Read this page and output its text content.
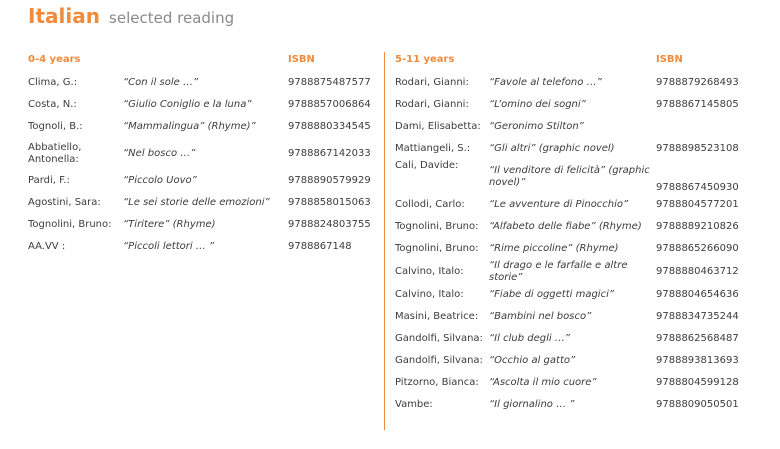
Italian selected reading
0-4 years	ISBN
Clima, G.:	“Con il sole …”	9788875487577
Costa, N.:	“Giulio Coniglio e la luna”	9788857006864
Tognoli, B.:	“Mammalingua” (Rhyme)”	9788880334545
Abbatiello, Antonella:	“Nel bosco …”	9788867142033
Pardi, F.:	“Piccolo Uovo”	9788890579929
Agostini, Sara:	“Le sei storie delle emozioni”	9788858015063
Tognolini, Bruno:	“Tiritere” (Rhyme)	9788824803755
AA.VV :	“Piccoli lettori … ”	9788867148
5-11 years	ISBN
Rodari, Gianni:	“Favole al telefono …”	9788879268493
Rodari, Gianni:	“L’omino dei sogni”	9788867145805
Dami, Elisabetta:	“Geronimo Stilton”	
Mattiangeli, S.:	“Gli altri” (graphic novel)	9788898523108
Cali, Davide:	“Il venditore di felicità” (graphic novel)”	9788867450930
Collodi, Carlo:	“Le avventure di Pinocchio”	9788804577201
Tognolini, Bruno:	“Alfabeto delle fiabe” (Rhyme)	9788889210826
Tognolini, Bruno:	“Rime piccoline” (Rhyme)	9788865266090
Calvino, Italo:	“Il drago e le farfalle e altre storie”	9788880463712
Calvino, Italo:	“Fiabe di oggetti magici”	9788804654636
Masini, Beatrice:	“Bambini nel bosco”	9788834735244
Gandolfi, Silvana:	“Il club degli …”	9788862568487
Gandolfi, Silvana:	“Occhio al gatto”	9788893813693
Pitzorno, Bianca:	“Ascolta il mio cuore”	9788804599128
Vambe:	“Il giornalino … ”	9788809050501
